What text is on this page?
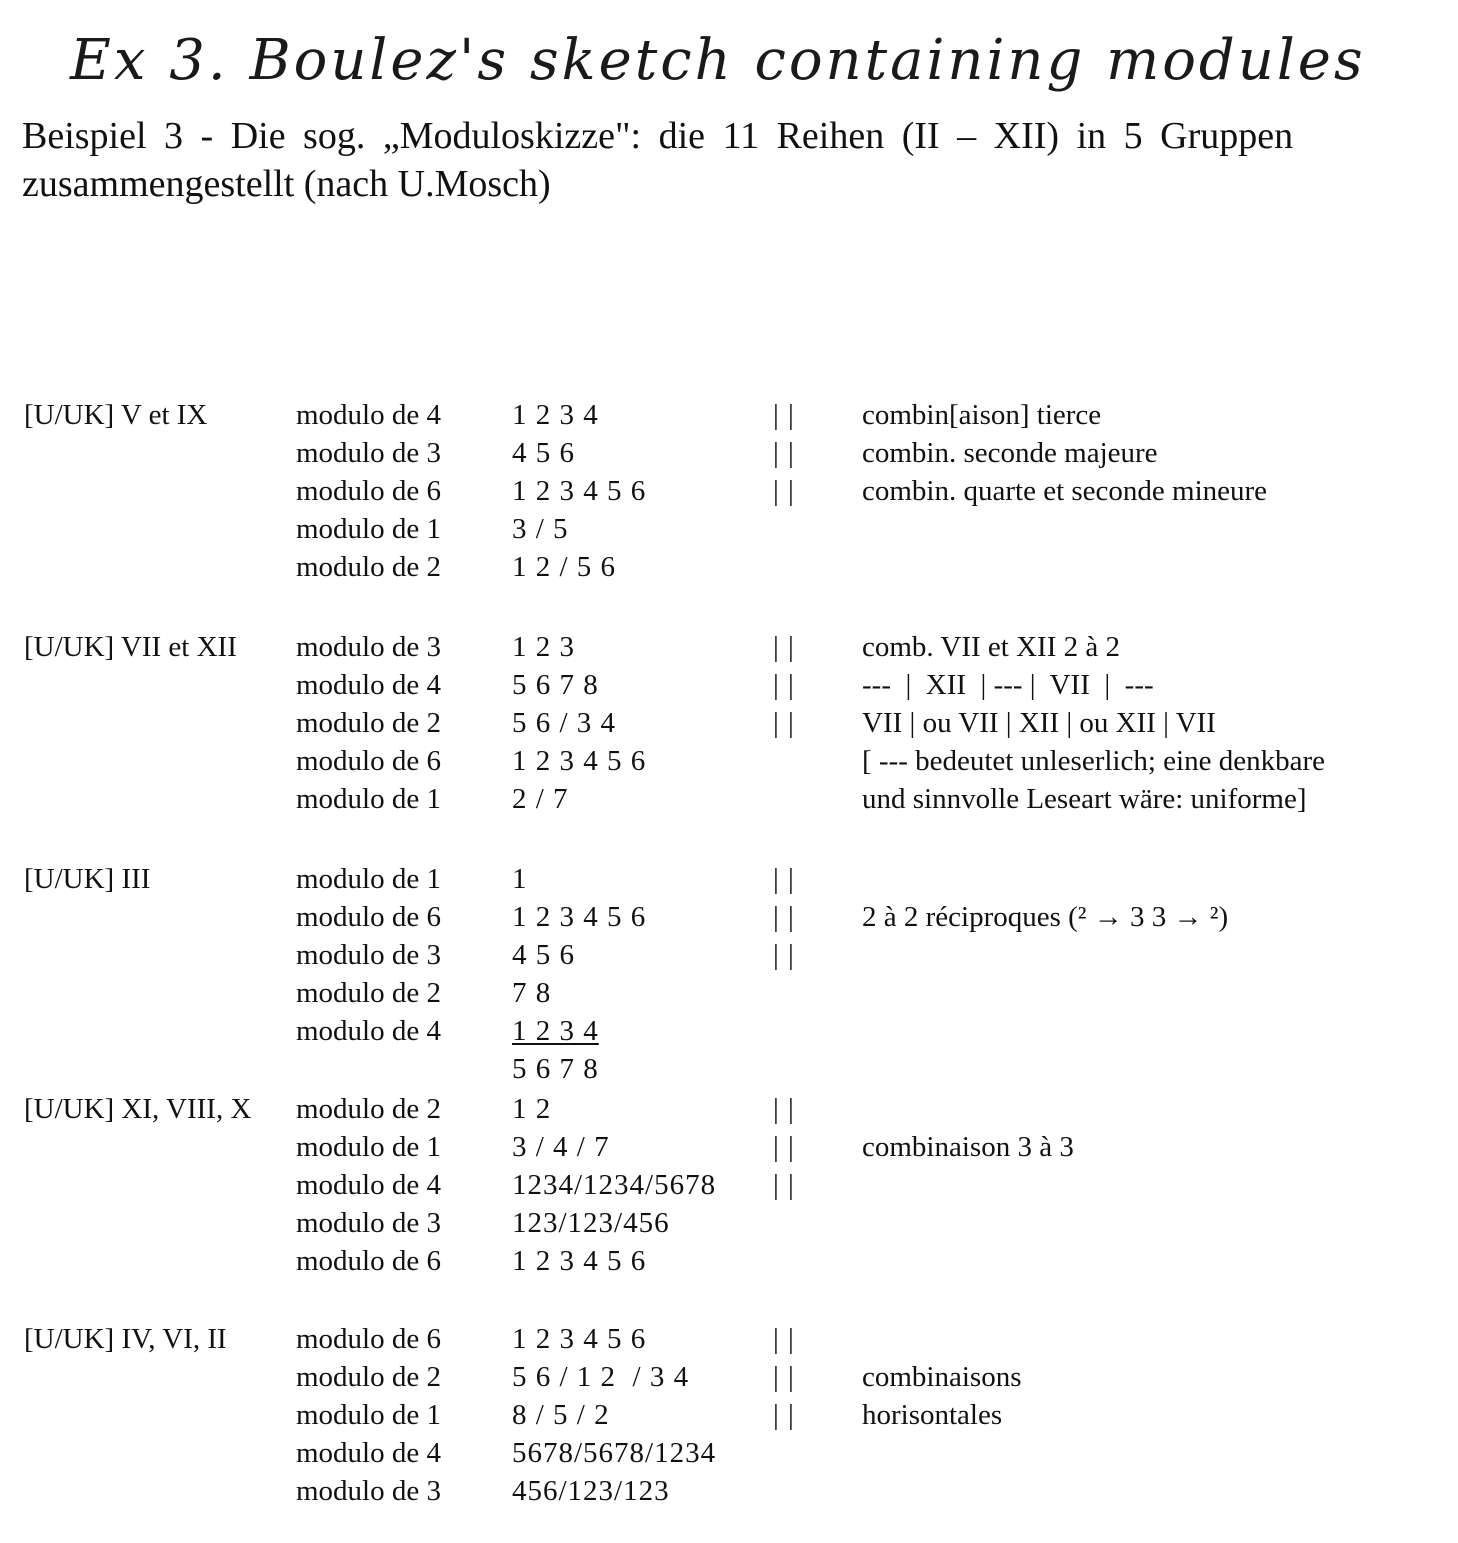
Ex 3. Boulez's sketch containing modules
Beispiel 3 - Die sog. „Moduloskizze": die 11 Reihen (II – XII) in 5 Gruppen
zusammengestellt (nach U.Mosch)
[U/UK] V et IX	modulo de 4 1 2 3 4	| | combin[aison] tierce
modulo de 3 4 5 6	| | combin. seconde majeure
modulo de 6 1 2 3 4 5 6	| | combin. quarte et seconde mineure
modulo de 1 3 / 5
modulo de 2 1 2 / 5 6
[U/UK] VII et XII modulo de 3 1 2 3	| | comb. VII et XII 2 à 2
modulo de 4 5 6 7 8	| | ---  |  XII  | --- |  VII  |  ---
modulo de 2 5 6 / 3 4	| | VII | ou VII | XII | ou XII | VII
modulo de 6 1 2 3 4 5 6	[ --- bedeutet unleserlich; eine denkbare
modulo de 1 2 / 7	und sinnvolle Leseart wäre: uniforme]
[U/UK] III	modulo de 1 1	| |
modulo de 6 1 2 3 4 5 6	| | 2 à 2 réciproques (² → 3 3 → ²)
modulo de 3 4 5 6	| |
modulo de 2 7 8
modulo de 4 1 2 3 4
5 6 7 8
[U/UK] XI, VIII, X modulo de 2 1 2	| |
modulo de 1 3 / 4 / 7	| | combinaison 3 à 3
modulo de 4 1234/1234/5678 | |
modulo de 3 123/123/456
modulo de 6 1 2 3 4 5 6
[U/UK] IV, VI, II modulo de 6 1 2 3 4 5 6	| |
modulo de 2 5 6 / 1 2  / 3 4	| | combinaisons
modulo de 1 8 / 5 / 2	| | horisontales
modulo de 4 5678/5678/1234
modulo de 3 456/123/123
